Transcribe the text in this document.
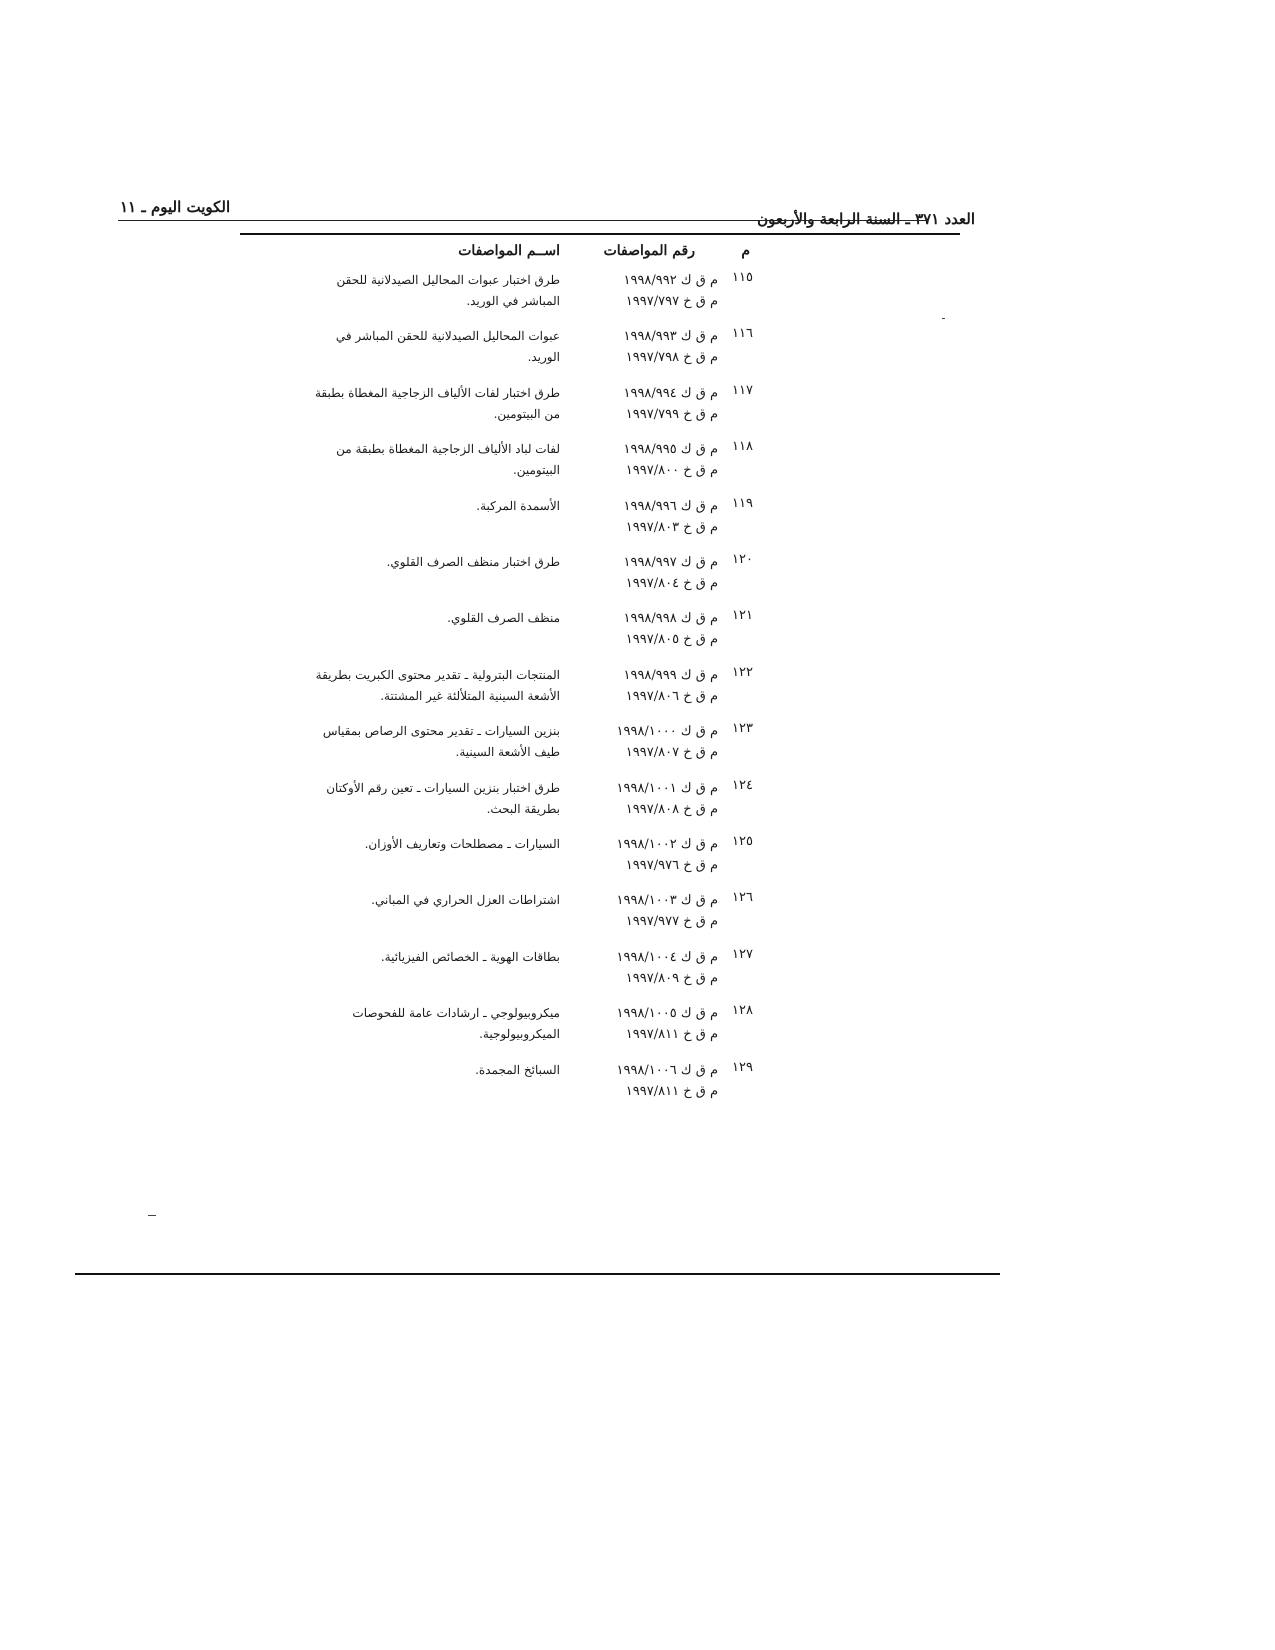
الكويت اليوم ـ ١١
العدد ٣٧١ ـ السنة الرابعة والأربعون
م
رقم المواصفات
اســم المواصفات
١١٥
م ق ك ١٩٩٨/٩٩٢
م ق خ ١٩٩٧/٧٩٧
طرق اختبار عبوات المحاليل الصيدلانية للحقن المباشر في الوريد.
١١٦
م ق ك ١٩٩٨/٩٩٣
م ق خ ١٩٩٧/٧٩٨
عبوات المحاليل الصيدلانية للحقن المباشر في الوريد.
١١٧
م ق ك ١٩٩٨/٩٩٤
م ق خ ١٩٩٧/٧٩٩
طرق اختبار لفات الألياف الزجاجية المغطاة بطبقة من البيتومين.
١١٨
م ق ك ١٩٩٨/٩٩٥
م ق خ ١٩٩٧/٨٠٠
لفات لباد الألياف الزجاجية المغطاة بطبقة من البيتومين.
١١٩
م ق ك ١٩٩٨/٩٩٦
م ق خ ١٩٩٧/٨٠٣
الأسمدة المركبة.
١٢٠
م ق ك ١٩٩٨/٩٩٧
م ق خ ١٩٩٧/٨٠٤
طرق اختبار منظف الصرف القلوي.
١٢١
م ق ك ١٩٩٨/٩٩٨
م ق خ ١٩٩٧/٨٠٥
منظف الصرف القلوي.
١٢٢
م ق ك ١٩٩٨/٩٩٩
م ق خ ١٩٩٧/٨٠٦
المنتجات البترولية ـ تقدير محتوى الكبريت بطريقة الأشعة السينية المتلألئة غير المشتتة.
١٢٣
م ق ك ١٩٩٨/١٠٠٠
م ق خ ١٩٩٧/٨٠٧
بنزين السيارات ـ تقدير محتوى الرصاص بمقياس طيف الأشعة السينية.
١٢٤
م ق ك ١٩٩٨/١٠٠١
م ق خ ١٩٩٧/٨٠٨
طرق اختبار بنزين السيارات ـ تعين رقم الأوكتان بطريقة البحث.
١٢٥
م ق ك ١٩٩٨/١٠٠٢
م ق خ ١٩٩٧/٩٧٦
السيارات ـ مصطلحات وتعاريف الأوزان.
١٢٦
م ق ك ١٩٩٨/١٠٠٣
م ق خ ١٩٩٧/٩٧٧
اشتراطات العزل الحراري في المباني.
١٢٧
م ق ك ١٩٩٨/١٠٠٤
م ق خ ١٩٩٧/٨٠٩
بطاقات الهوية ـ الخصائص الفيزيائية.
١٢٨
م ق ك ١٩٩٨/١٠٠٥
م ق خ ١٩٩٧/٨١١
ميكروبيولوجي ـ ارشادات عامة للفحوصات الميكروبيولوجية.
١٢٩
م ق ك ١٩٩٨/١٠٠٦
م ق خ ١٩٩٧/٨١١
السبائخ المجمدة.
